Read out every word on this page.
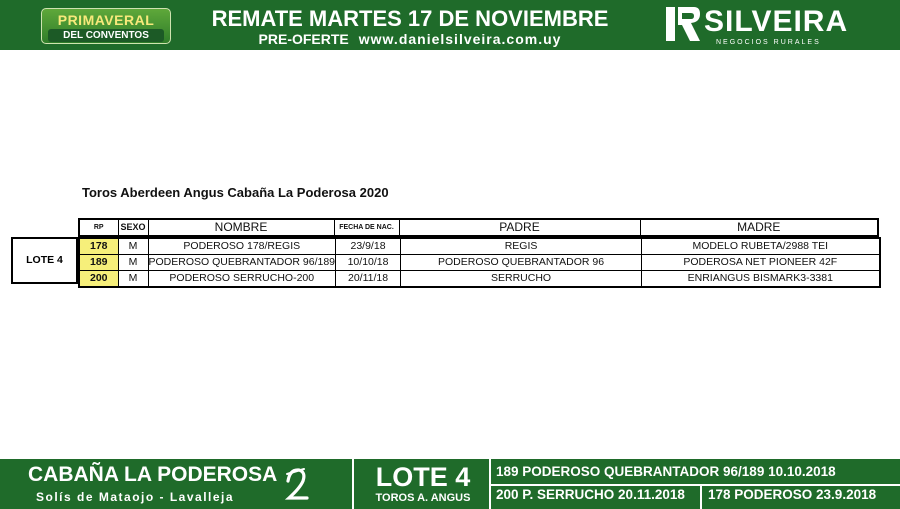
PRIMAVERAL
DEL CONVENTOS
REMATE MARTES 17 DE NOVIEMBRE
PRE-OFERTE www.danielsilveira.com.uy
SILVEIRA
NEGOCIOS RURALES
Toros Aberdeen Angus Cabaña La Poderosa 2020
RP	SEXO	NOMBRE	FECHA DE NAC.	PADRE	MADRE
LOTE 4
178	M	PODEROSO 178/REGIS	23/9/18	REGIS	MODELO RUBETA/2988 TEI
189	M	PODEROSO QUEBRANTADOR 96/189	10/10/18	PODEROSO QUEBRANTADOR 96	PODEROSA NET PIONEER 42F
200	M	PODEROSO SERRUCHO-200	20/11/18	SERRUCHO	ENRIANGUS BISMARK3-3381
CABAÑA LA PODEROSA
Solís de Mataojo - Lavalleja
LOTE 4
TOROS A. ANGUS
189 PODEROSO QUEBRANTADOR 96/189 10.10.2018
200 P. SERRUCHO 20.11.2018 178 PODEROSO 23.9.2018
